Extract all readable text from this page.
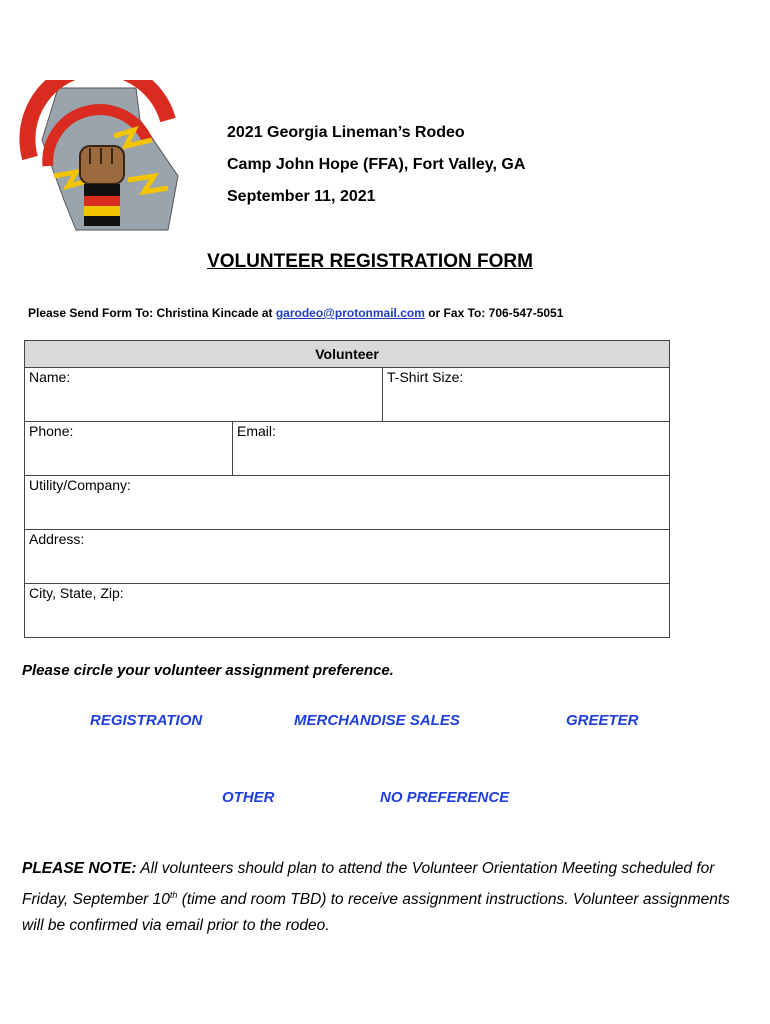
2021 Georgia Lineman’s Rodeo
Camp John Hope (FFA), Fort Valley, GA
September 11, 2021
VOLUNTEER REGISTRATION FORM
Please Send Form To: Christina Kincade at garodeo@protonmail.com or Fax To: 706-547-5051
Volunteer
Name:	T-Shirt Size:
Phone:	Email:
Utility/Company:
Address:
City, State, Zip:
Please circle your volunteer assignment preference.
REGISTRATION	MERCHANDISE SALES	GREETER
OTHER	NO PREFERENCE
PLEASE NOTE: All volunteers should plan to attend the Volunteer Orientation Meeting scheduled for Friday, September 10th (time and room TBD) to receive assignment instructions. Volunteer assignments will be confirmed via email prior to the rodeo.
